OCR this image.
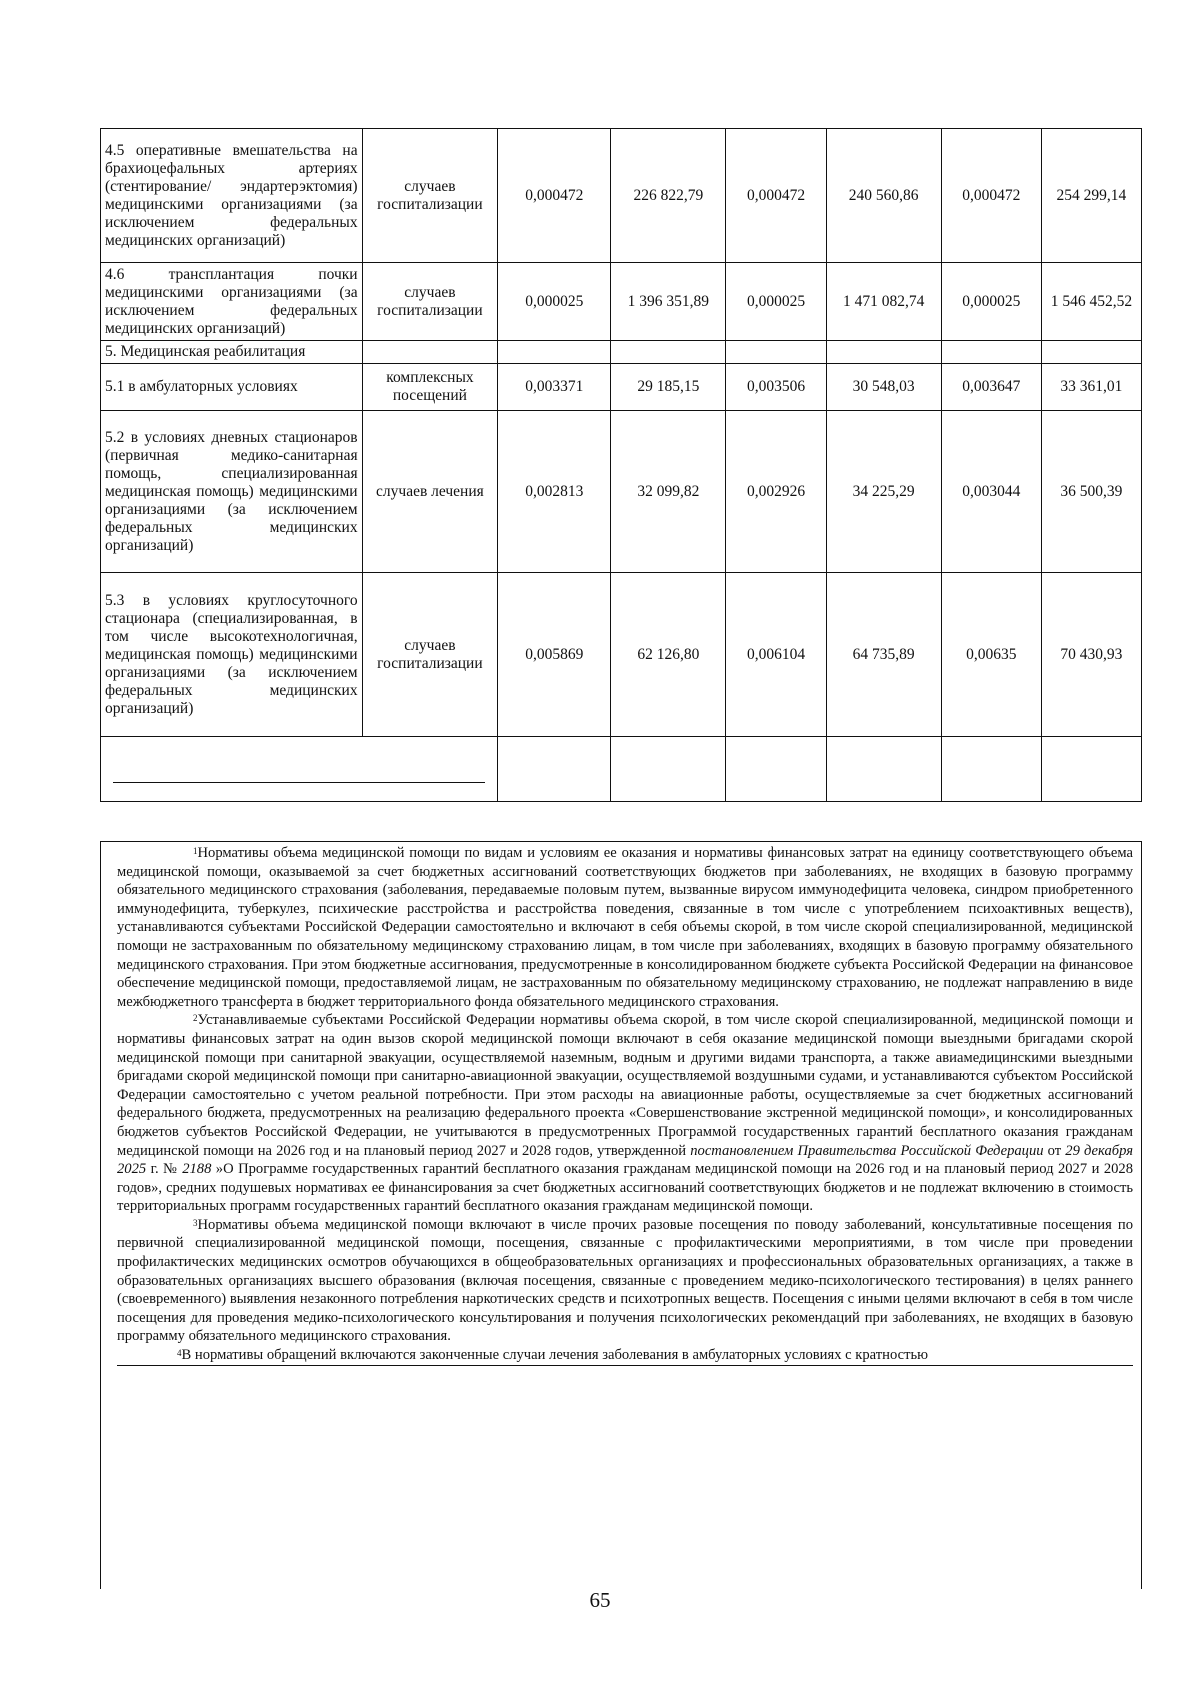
4.5 оперативные вмешательства на брахиоцефальных артериях (стентирование/ эндартерэктомия) медицинскими организациями (за исключением федеральных медицинских организаций)	случаев госпитализации	0,000472	226 822,79	0,000472	240 560,86	0,000472	254 299,14
4.6 трансплантация почки медицинскими организациями (за исключением федеральных медицинских организаций)	случаев госпитализации	0,000025	1 396 351,89	0,000025	1 471 082,74	0,000025	1 546 452,52
5. Медицинская реабилитация							
5.1 в амбулаторных условиях	комплексных посещений	0,003371	29 185,15	0,003506	30 548,03	0,003647	33 361,01
5.2 в условиях дневных стационаров (первичная медико-санитарная помощь, специализированная медицинская помощь) медицинскими организациями (за исключением федеральных медицинских организаций)	случаев лечения	0,002813	32 099,82	0,002926	34 225,29	0,003044	36 500,39
5.3 в условиях круглосуточного стационара (специализированная, в том числе высокотехнологичная, медицинская помощь) медицинскими организациями (за исключением федеральных медицинских организаций)	случаев госпитализации	0,005869	62 126,80	0,006104	64 735,89	0,00635	70 430,93

$^1$Нормативы объема медицинской помощи по видам и условиям ее оказания и нормативы финансовых затрат на единицу соответствующего объема медицинской помощи, оказываемой за счет бюджетных ассигнований соответствующих бюджетов при заболеваниях, не входящих в базовую программу обязательного медицинского страхования (заболевания, передаваемые половым путем, вызванные вирусом иммунодефицита человека, синдром приобретенного иммунодефицита, туберкулез, психические расстройства и расстройства поведения, связанные в том числе с употреблением психоактивных веществ), устанавливаются субъектами Российской Федерации самостоятельно и включают в себя объемы скорой, в том числе скорой специализированной, медицинской помощи не застрахованным по обязательному медицинскому страхованию лицам, в том числе при заболеваниях, входящих в базовую программу обязательного медицинского страхования. При этом бюджетные ассигнования, предусмотренные в консолидированном бюджете субъекта Российской Федерации на финансовое обеспечение медицинской помощи, предоставляемой лицам, не застрахованным по обязательному медицинскому страхованию, не подлежат направлению в виде межбюджетного трансферта в бюджет территориального фонда обязательного медицинского страхования.

$^2$Устанавливаемые субъектами Российской Федерации нормативы объема скорой, в том числе скорой специализированной, медицинской помощи и нормативы финансовых затрат на один вызов скорой медицинской помощи включают в себя оказание медицинской помощи выездными бригадами скорой медицинской помощи при санитарной эвакуации, осуществляемой наземным, водным и другими видами транспорта, а также авиамедицинскими выездными бригадами скорой медицинской помощи при санитарно-авиационной эвакуации, осуществляемой воздушными судами, и устанавливаются субъектом Российской Федерации самостоятельно с учетом реальной потребности. При этом расходы на авиационные работы, осуществляемые за счет бюджетных ассигнований федерального бюджета, предусмотренных на реализацию федерального проекта «Совершенствование экстренной медицинской помощи», и консолидированных бюджетов субъектов Российской Федерации, не учитываются в предусмотренных Программой государственных гарантий бесплатного оказания гражданам медицинской помощи на 2026 год и на плановый период 2027 и 2028 годов, утвержденной постановлением Правительства Российской Федерации от 29 декабря 2025 г. № 2188 »О Программе государственных гарантий бесплатного оказания гражданам медицинской помощи на 2026 год и на плановый период 2027 и 2028 годов», средних подушевых нормативах ее финансирования за счет бюджетных ассигнований соответствующих бюджетов и не подлежат включению в стоимость территориальных программ государственных гарантий бесплатного оказания гражданам медицинской помощи.

$^3$Нормативы объема медицинской помощи включают в числе прочих разовые посещения по поводу заболеваний, консультативные посещения по первичной специализированной медицинской помощи, посещения, связанные с профилактическими мероприятиями, в том числе при проведении профилактических медицинских осмотров обучающихся в общеобразовательных организациях и профессиональных образовательных организациях, а также в образовательных организациях высшего образования (включая посещения, связанные с проведением медико-психологического тестирования) в целях раннего (своевременного) выявления незаконного потребления наркотических средств и психотропных веществ. Посещения с иными целями включают в себя в том числе посещения для проведения медико-психологического консультирования и получения психологических рекомендаций при заболеваниях, не входящих в базовую программу обязательного медицинского страхования.

$^4$В нормативы обращений включаются законченные случаи лечения заболевания в амбулаторных условиях с кратностью

65
